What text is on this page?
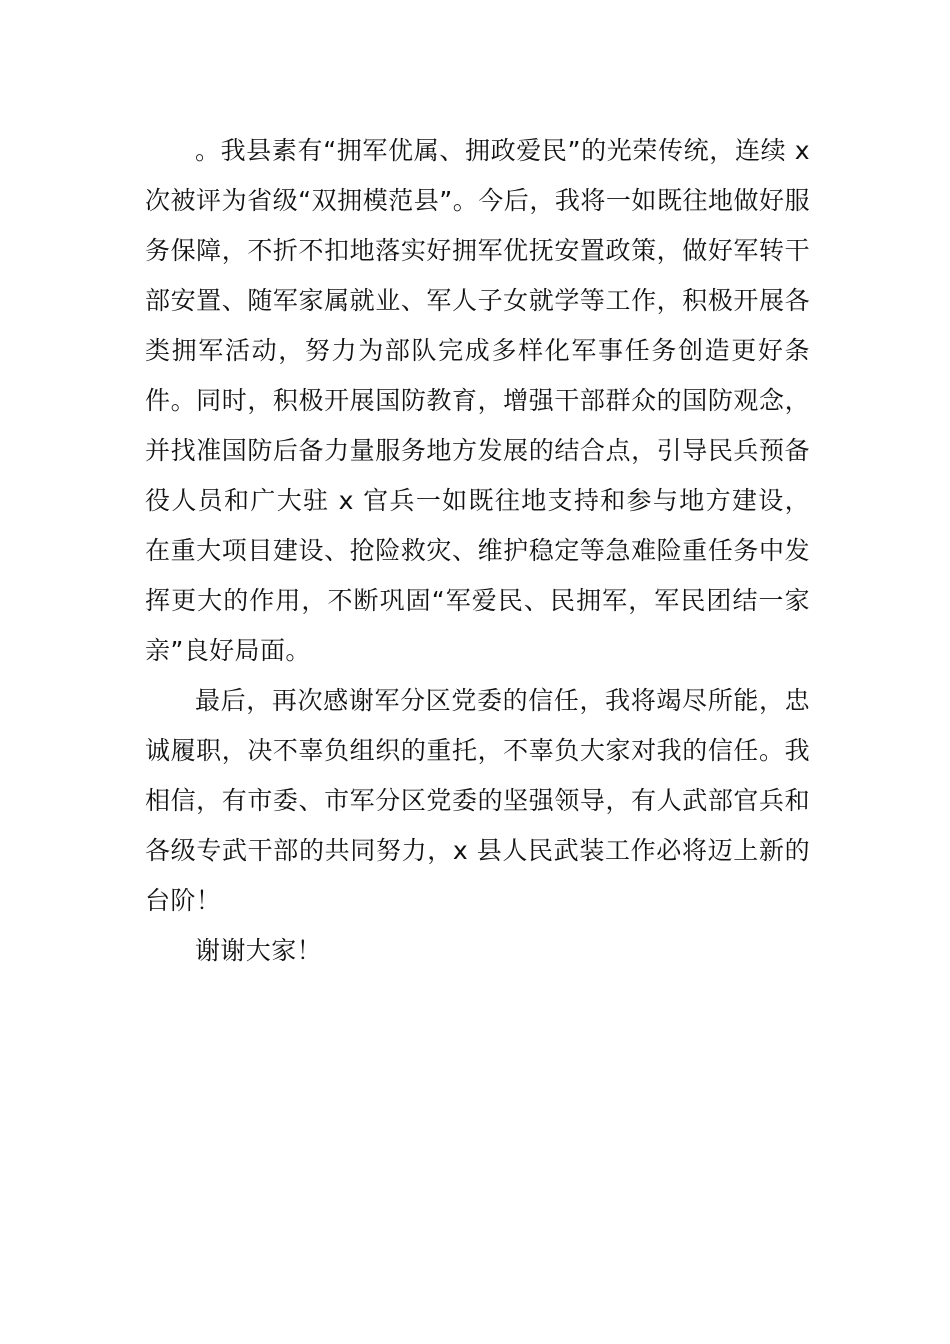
。我县素有“拥军优属、拥政爱民”的光荣传统，连续 x 次被评为省级“双拥模范县”。今后，我将一如既往地做好服务保障，不折不扣地落实好拥军优抚安置政策，做好军转干部安置、随军家属就业、军人子女就学等工作，积极开展各类拥军活动，努力为部队完成多样化军事任务创造更好条件。同时，积极开展国防教育，增强干部群众的国防观念，并找准国防后备力量服务地方发展的结合点，引导民兵预备役人员和广大驻 x 官兵一如既往地支持和参与地方建设，在重大项目建设、抢险救灾、维护稳定等急难险重任务中发挥更大的作用，不断巩固“军爱民、民拥军，军民团结一家亲”良好局面。

最后，再次感谢军分区党委的信任，我将竭尽所能，忠诚履职，决不辜负组织的重托，不辜负大家对我的信任。我相信，有市委、市军分区党委的坚强领导，有人武部官兵和各级专武干部的共同努力，x 县人民武装工作必将迈上新的台阶！

谢谢大家！
